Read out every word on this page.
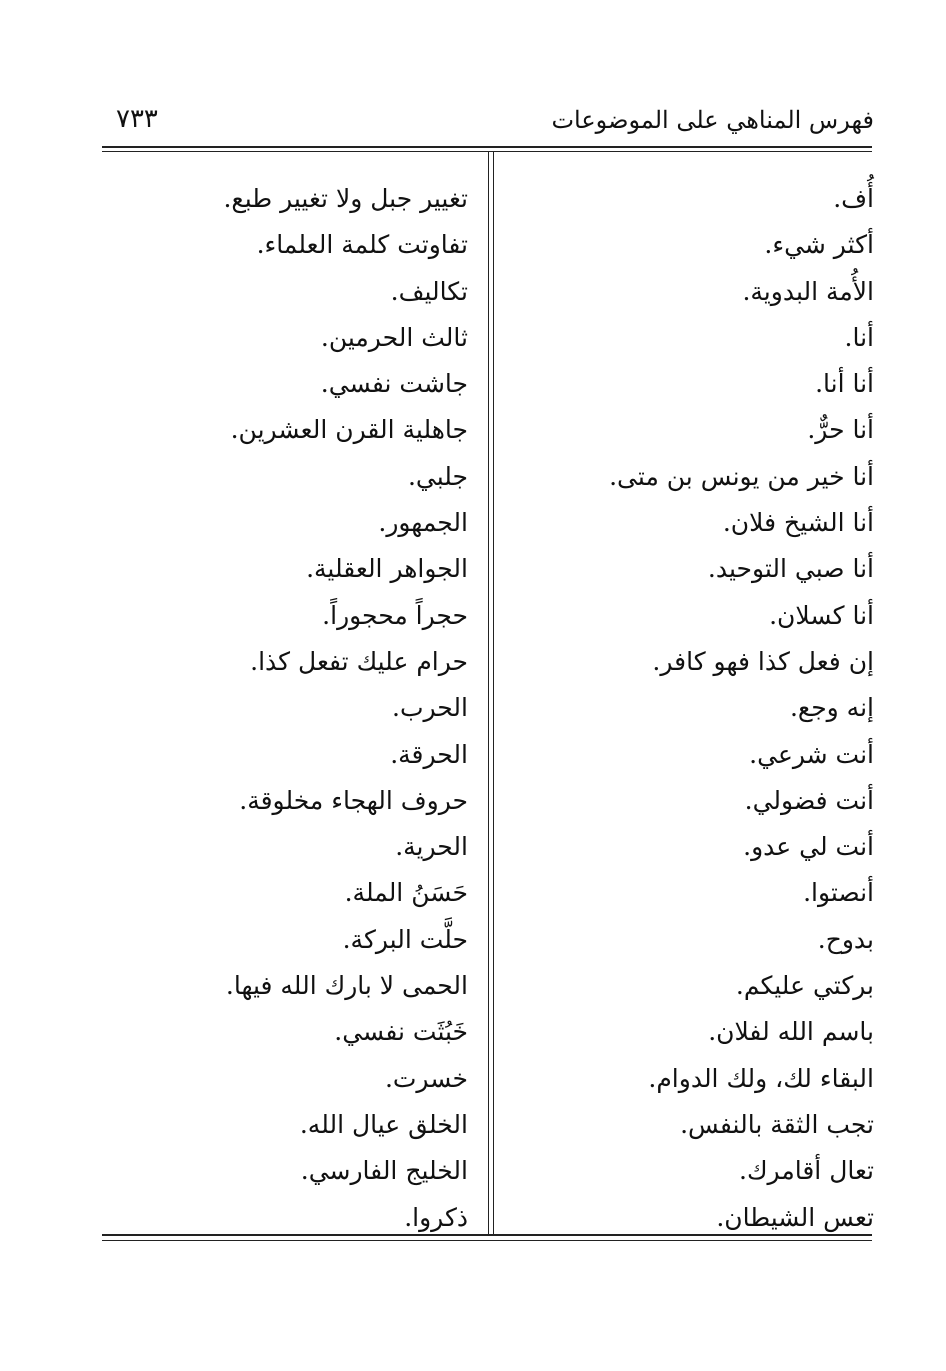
فهرس المناهي على الموضوعات
٧٣٣
أُف.
أكثر شيء.
الأُمة البدوية.
أنا.
أنا أنا.
أنا حرٌّ.
أنا خير من يونس بن متى.
أنا الشيخ فلان.
أنا صبي التوحيد.
أنا كسلان.
إن فعل كذا فهو كافر.
إنه وجع.
أنت شرعي.
أنت فضولي.
أنت لي عدو.
أنصتوا.
بدوح.
بركتي عليكم.
باسم الله لفلان.
البقاء لك، ولك الدوام.
تجب الثقة بالنفس.
تعال أقامرك.
تعس الشيطان.
تغيير جبل ولا تغيير طبع.
تفاوتت كلمة العلماء.
تكاليف.
ثالث الحرمين.
جاشت نفسي.
جاهلية القرن العشرين.
جلبي.
الجمهور.
الجواهر العقلية.
حجراً محجوراً.
حرام عليك تفعل كذا.
الحرب.
الحرقة.
حروف الهجاء مخلوقة.
الحرية.
حَسَنُ الملة.
حلَّت البركة.
الحمى لا بارك الله فيها.
خَبُثَت نفسي.
خسرت.
الخلق عيال الله.
الخليج الفارسي.
ذكروا.
